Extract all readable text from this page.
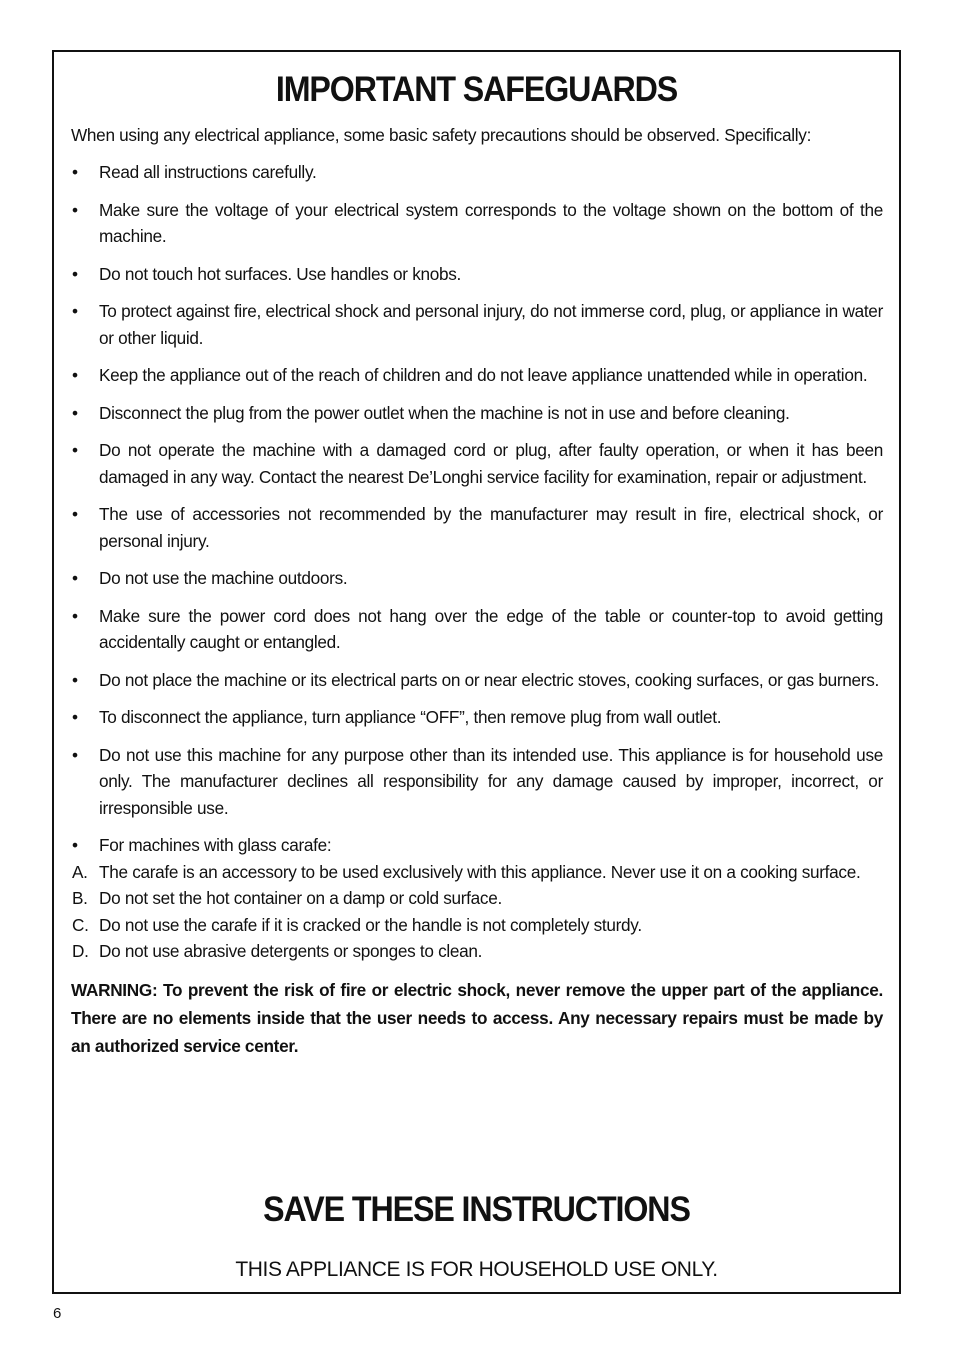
IMPORTANT SAFEGUARDS

When using any electrical appliance, some basic safety precautions should be observed. Specifically:

• Read all instructions carefully.
• Make sure the voltage of your electrical system corresponds to the voltage shown on the bottom of the machine.
• Do not touch hot surfaces. Use handles or knobs.
• To protect against fire, electrical shock and personal injury, do not immerse cord, plug, or appliance in water or other liquid.
• Keep the appliance out of the reach of children and do not leave appliance unattended while in operation.
• Disconnect the plug from the power outlet when the machine is not in use and before cleaning.
• Do not operate the machine with a damaged cord or plug, after faulty operation, or when it has been damaged in any way. Contact the nearest De’Longhi service facility for examination, repair or adjustment.
• The use of accessories not recommended by the manufacturer may result in fire, electrical shock, or personal injury.
• Do not use the machine outdoors.
• Make sure the power cord does not hang over the edge of the table or counter-top to avoid getting accidentally caught or entangled.
• Do not place the machine or its electrical parts on or near electric stoves, cooking surfaces, or gas burners.
• To disconnect the appliance, turn appliance “OFF”, then remove plug from wall outlet.
• Do not use this machine for any purpose other than its intended use. This appliance is for household use only. The manufacturer declines all responsibility for any damage caused by improper, incorrect, or irresponsible use.
• For machines with glass carafe:
A. The carafe is an accessory to be used exclusively with this appliance. Never use it on a cooking surface.
B. Do not set the hot container on a damp or cold surface.
C. Do not use the carafe if it is cracked or the handle is not completely sturdy.
D. Do not use abrasive detergents or sponges to clean.

WARNING: To prevent the risk of fire or electric shock, never remove the upper part of the appliance. There are no elements inside that the user needs to access. Any necessary repairs must be made by an authorized service center.

SAVE THESE INSTRUCTIONS

THIS APPLIANCE IS FOR HOUSEHOLD USE ONLY.

6
